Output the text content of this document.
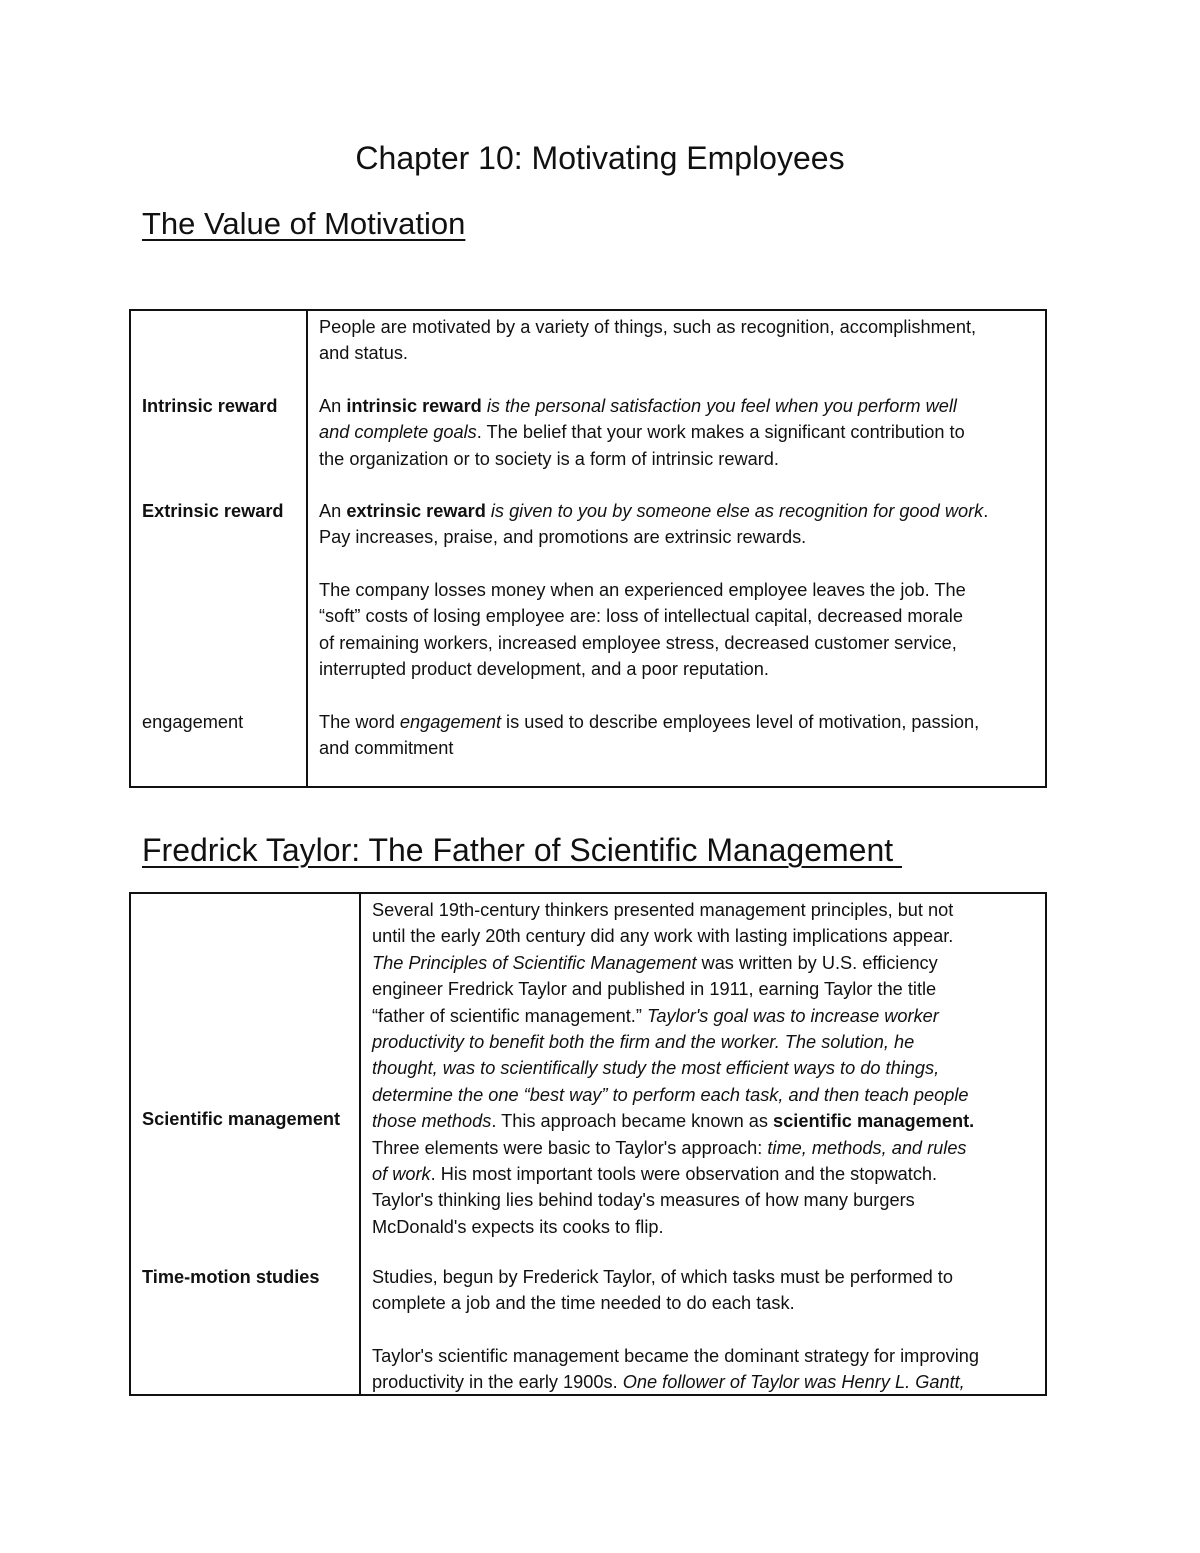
Chapter 10: Motivating Employees
The Value of Motivation
Intrinsic reward
Extrinsic reward
engagement
People are motivated by a variety of things, such as recognition, accomplishment,
and status.
An intrinsic reward is the personal satisfaction you feel when you perform well
and complete goals. The belief that your work makes a significant contribution to
the organization or to society is a form of intrinsic reward.
An extrinsic reward is given to you by someone else as recognition for good work.
Pay increases, praise, and promotions are extrinsic rewards.
The company losses money when an experienced employee leaves the job. The
“soft” costs of losing employee are: loss of intellectual capital, decreased morale
of remaining workers, increased employee stress, decreased customer service,
interrupted product development, and a poor reputation.
The word engagement is used to describe employees level of motivation, passion,
and commitment
Fredrick Taylor: The Father of Scientific Management
Scientific management
Time-motion studies
Several 19th-century thinkers presented management principles, but not
until the early 20th century did any work with lasting implications appear.
The Principles of Scientific Management was written by U.S. efficiency
engineer Fredrick Taylor and published in 1911, earning Taylor the title
“father of scientific management.” Taylor's goal was to increase worker
productivity to benefit both the firm and the worker. The solution, he
thought, was to scientifically study the most efficient ways to do things,
determine the one “best way” to perform each task, and then teach people
those methods. This approach became known as scientific management.
Three elements were basic to Taylor's approach: time, methods, and rules
of work. His most important tools were observation and the stopwatch.
Taylor's thinking lies behind today's measures of how many burgers
McDonald's expects its cooks to flip.
Studies, begun by Frederick Taylor, of which tasks must be performed to
complete a job and the time needed to do each task.
Taylor's scientific management became the dominant strategy for improving
productivity in the early 1900s. One follower of Taylor was Henry L. Gantt,
